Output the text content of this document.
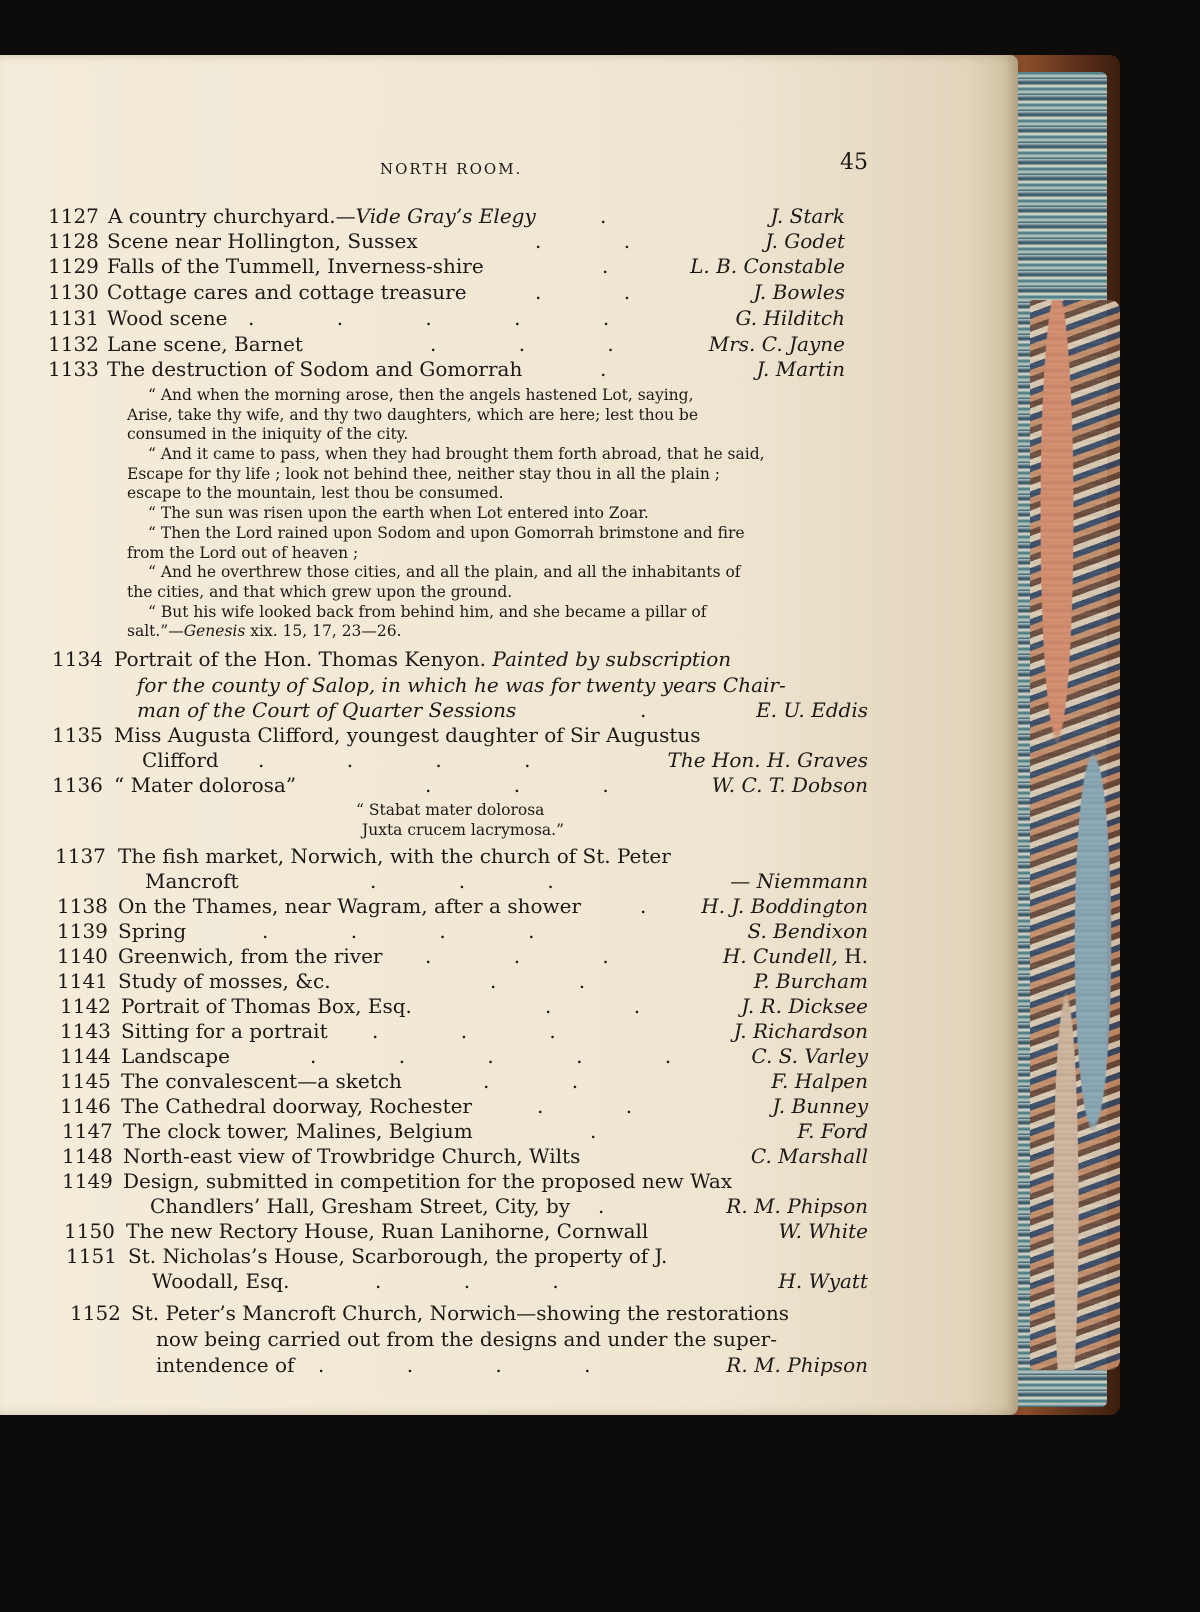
NORTH ROOM.	45
1127 A country churchyard.—Vide Gray’s Elegy	.	J. Stark
1128 Scene near Hollington, Sussex	. .	J. Godet
1129 Falls of the Tummell, Inverness-shire	. L. B. Constable
1130 Cottage cares and cottage treasure	. .	J. Bowles
1131 Wood scene . . . . .	G. Hilditch
1132 Lane scene, Barnet	. . .	Mrs. C. Jayne
1133 The destruction of Sodom and Gomorrah	.	J. Martin
“ And when the morning arose, then the angels hastened Lot, saying,
Arise, take thy wife, and thy two daughters, which are here; lest thou be
consumed in the iniquity of the city.
“ And it came to pass, when they had brought them forth abroad, that he said,
Escape for thy life ; look not behind thee, neither stay thou in all the plain ;
escape to the mountain, lest thou be consumed.
“ The sun was risen upon the earth when Lot entered into Zoar.
“ Then the Lord rained upon Sodom and upon Gomorrah brimstone and fire
from the Lord out of heaven ;
“ And he overthrew those cities, and all the plain, and all the inhabitants of
the cities, and that which grew upon the ground.
“ But his wife looked back from behind him, and she became a pillar of
salt.”—Genesis xix. 15, 17, 23—26.
1134 Portrait of the Hon. Thomas Kenyon. Painted by subscription
for the county of Salop, in which he was for twenty years Chair-
man of the Court of Quarter Sessions	.	E. U. Eddis
1135 Miss Augusta Clifford, youngest daughter of Sir Augustus
Clifford . . . .	The Hon. H. Graves
1136 “ Mater dolorosa”	. . .	W. C. T. Dobson
“ Stabat mater dolorosa
Juxta crucem lacrymosa.”
1137 The fish market, Norwich, with the church of St. Peter
Mancroft	. . .	— Niemmann
1138 On the Thames, near Wagram, after a shower	. H. J. Boddington
1139 Spring	. . . .	S. Bendixon
1140 Greenwich, from the river . . .	H. Cundell, H.
1141 Study of mosses, &c.	. .	P. Burcham
1142 Portrait of Thomas Box, Esq.	. .	J. R. Dicksee
1143 Sitting for a portrait . . .	J. Richardson
1144 Landscape	. . . . . C. S. Varley
1145 The convalescent—a sketch	. .	F. Halpen
1146 The Cathedral doorway, Rochester	. .	J. Bunney
1147 The clock tower, Malines, Belgium	.	F. Ford
1148 North-east view of Trowbridge Church, Wilts	C. Marshall
1149 Design, submitted in competition for the proposed new Wax
Chandlers’ Hall, Gresham Street, City, by .	R. M. Phipson
1150 The new Rectory House, Ruan Lanihorne, Cornwall	W. White
1151 St. Nicholas’s House, Scarborough, the property of J.
Woodall, Esq.	. . .	H. Wyatt
1152 St. Peter’s Mancroft Church, Norwich—showing the restorations
now being carried out from the designs and under the super-
intendence of . . . .	R. M. Phipson
